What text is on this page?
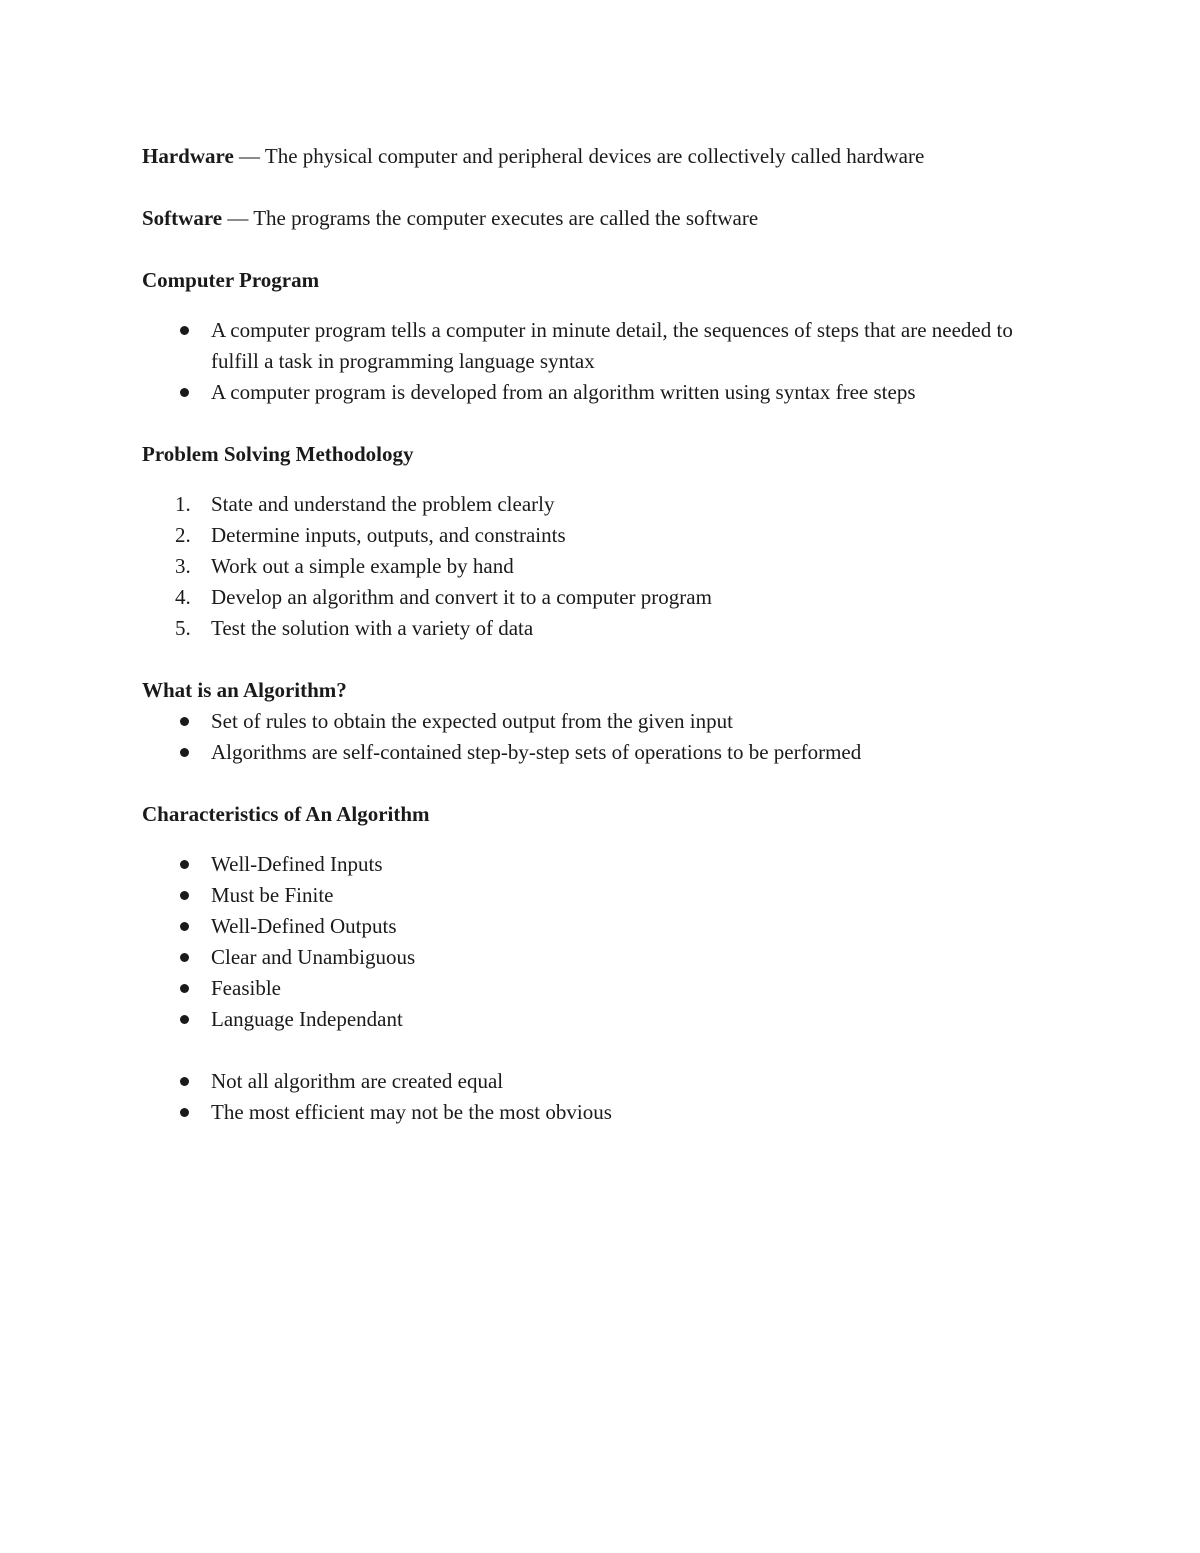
Hardware — The physical computer and peripheral devices are collectively called hardware

Software — The programs the computer executes are called the software

Computer Program

A computer program tells a computer in minute detail, the sequences of steps that are needed to fulfill a task in programming language syntax
A computer program is developed from an algorithm written using syntax free steps

Problem Solving Methodology

1. State and understand the problem clearly
2. Determine inputs, outputs, and constraints
3. Work out a simple example by hand
4. Develop an algorithm and convert it to a computer program
5. Test the solution with a variety of data

What is an Algorithm?

Set of rules to obtain the expected output from the given input
Algorithms are self-contained step-by-step sets of operations to be performed

Characteristics of An Algorithm

Well-Defined Inputs
Must be Finite
Well-Defined Outputs
Clear and Unambiguous
Feasible
Language Independant
Not all algorithm are created equal
The most efficient may not be the most obvious
